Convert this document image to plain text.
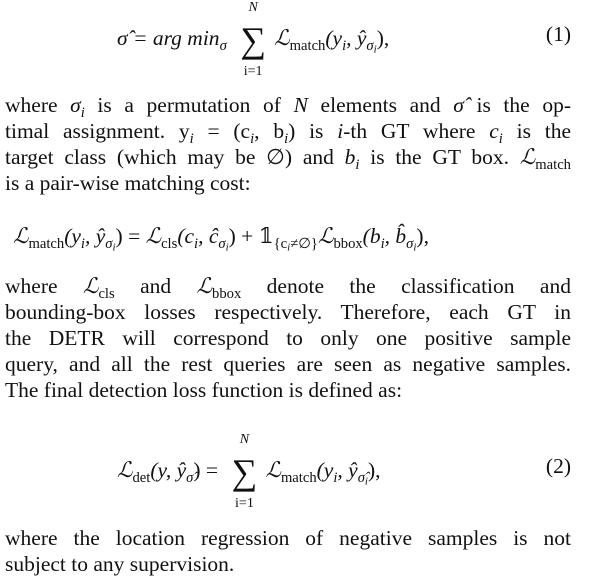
σ̂ = arg $\min_\sigma$
N
∑
i=1
$ℒ_{match}(y_i$, $ŷ_{\sigma i}$),	(1)
where $\sigma_i$ is a permutation of N elements and σ̂ is the op-
timal assignment. $y_i = (c_i$, $b_i$) is i-th GT where $c_i$ is the
target class (which may be ∅) and $b_i$ is the GT box. ℒ$_{match}$
is a pair-wise matching cost:
$ℒ_{match}(y_i$, $ŷ_{\sigma i}$) = $ℒ_{cls}(c_i$, $ĉ_{\sigma i}$) + $𝟙_{\{ci\ne\emptyset\}}ℒ_{bbox}(b_i$, $b̂_{\sigma i}$),
where ℒ$_{cls}$ and ℒ$_{bbox}$ denote the classification and
bounding-box losses respectively. Therefore, each GT in
the DETR will correspond to only one positive sample
query, and all the rest queries are seen as negative samples.
The final detection loss function is defined as:
ℒ$_{det}$(y, $ŷ_{\sigmâ}$) =
N
∑
i=1
$ℒ_{match}(y_i$, $ŷ_{\sigmâi}$),	(2)
where the location regression of negative samples is not
subject to any supervision.
